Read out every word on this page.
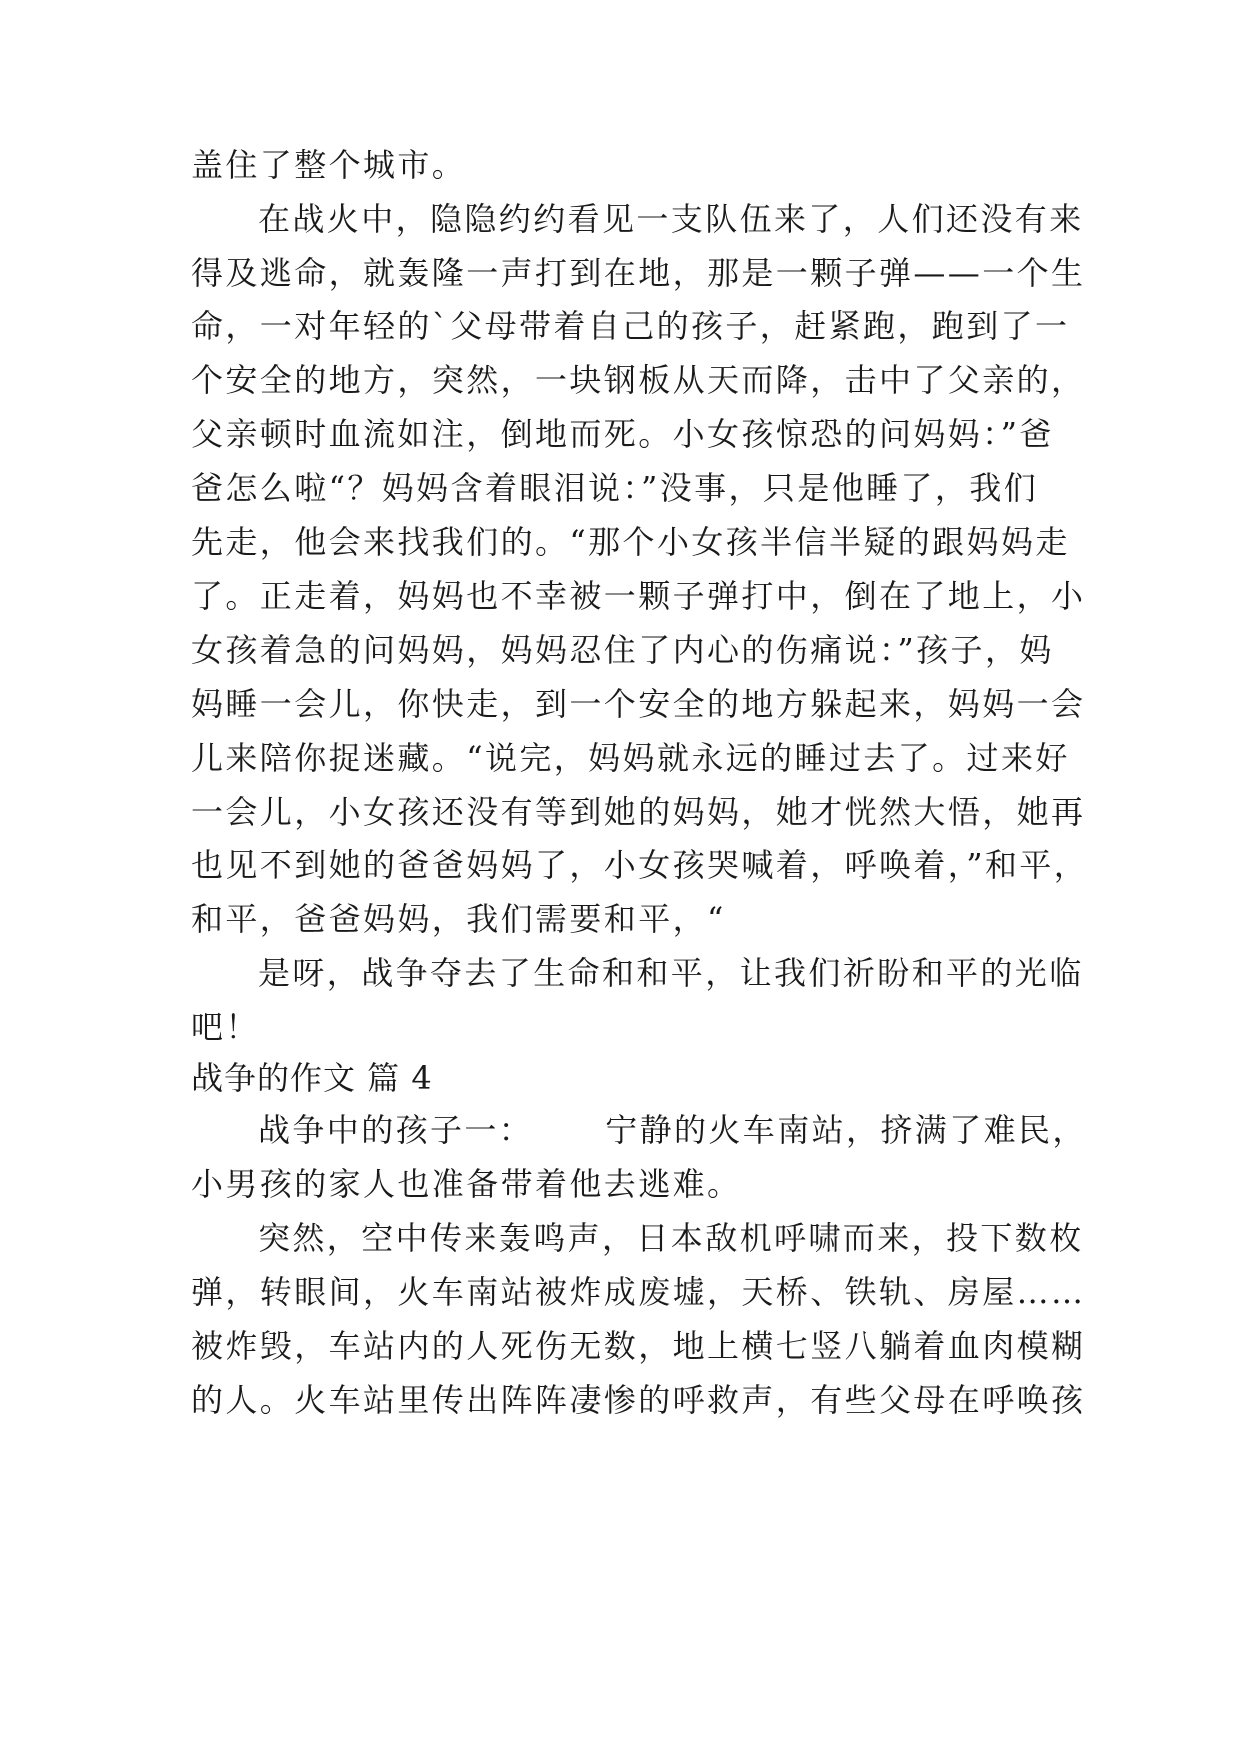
盖住了整个城市。
在战火中，隐隐约约看见一支队伍来了，人们还没有来
得及逃命，就轰隆一声打到在地，那是一颗子弹——一个生
命，一对年轻的`父母带着自己的孩子，赶紧跑，跑到了一
个安全的地方，突然，一块钢板从天而降，击中了父亲的，
父亲顿时血流如注，倒地而死。小女孩惊恐的问妈妈：”爸
爸怎么啦“？妈妈含着眼泪说：”没事，只是他睡了，我们
先走，他会来找我们的。“那个小女孩半信半疑的跟妈妈走
了。正走着，妈妈也不幸被一颗子弹打中，倒在了地上，小
女孩着急的问妈妈，妈妈忍住了内心的伤痛说：”孩子，妈
妈睡一会儿，你快走，到一个安全的地方躲起来，妈妈一会
儿来陪你捉迷藏。“说完，妈妈就永远的睡过去了。过来好
一会儿，小女孩还没有等到她的妈妈，她才恍然大悟，她再
也见不到她的爸爸妈妈了，小女孩哭喊着，呼唤着，”和平，
和平，爸爸妈妈，我们需要和平，“
是呀，战争夺去了生命和和平，让我们祈盼和平的光临
吧！
战争的作文 篇 4
战争中的孩子一： 宁静的火车南站，挤满了难民，
小男孩的家人也准备带着他去逃难。
突然，空中传来轰鸣声，日本敌机呼啸而来，投下数枚
弹，转眼间，火车南站被炸成废墟，天桥、铁轨、房屋……
被炸毁，车站内的人死伤无数，地上横七竖八躺着血肉模糊
的人。火车站里传出阵阵凄惨的呼救声，有些父母在呼唤孩
